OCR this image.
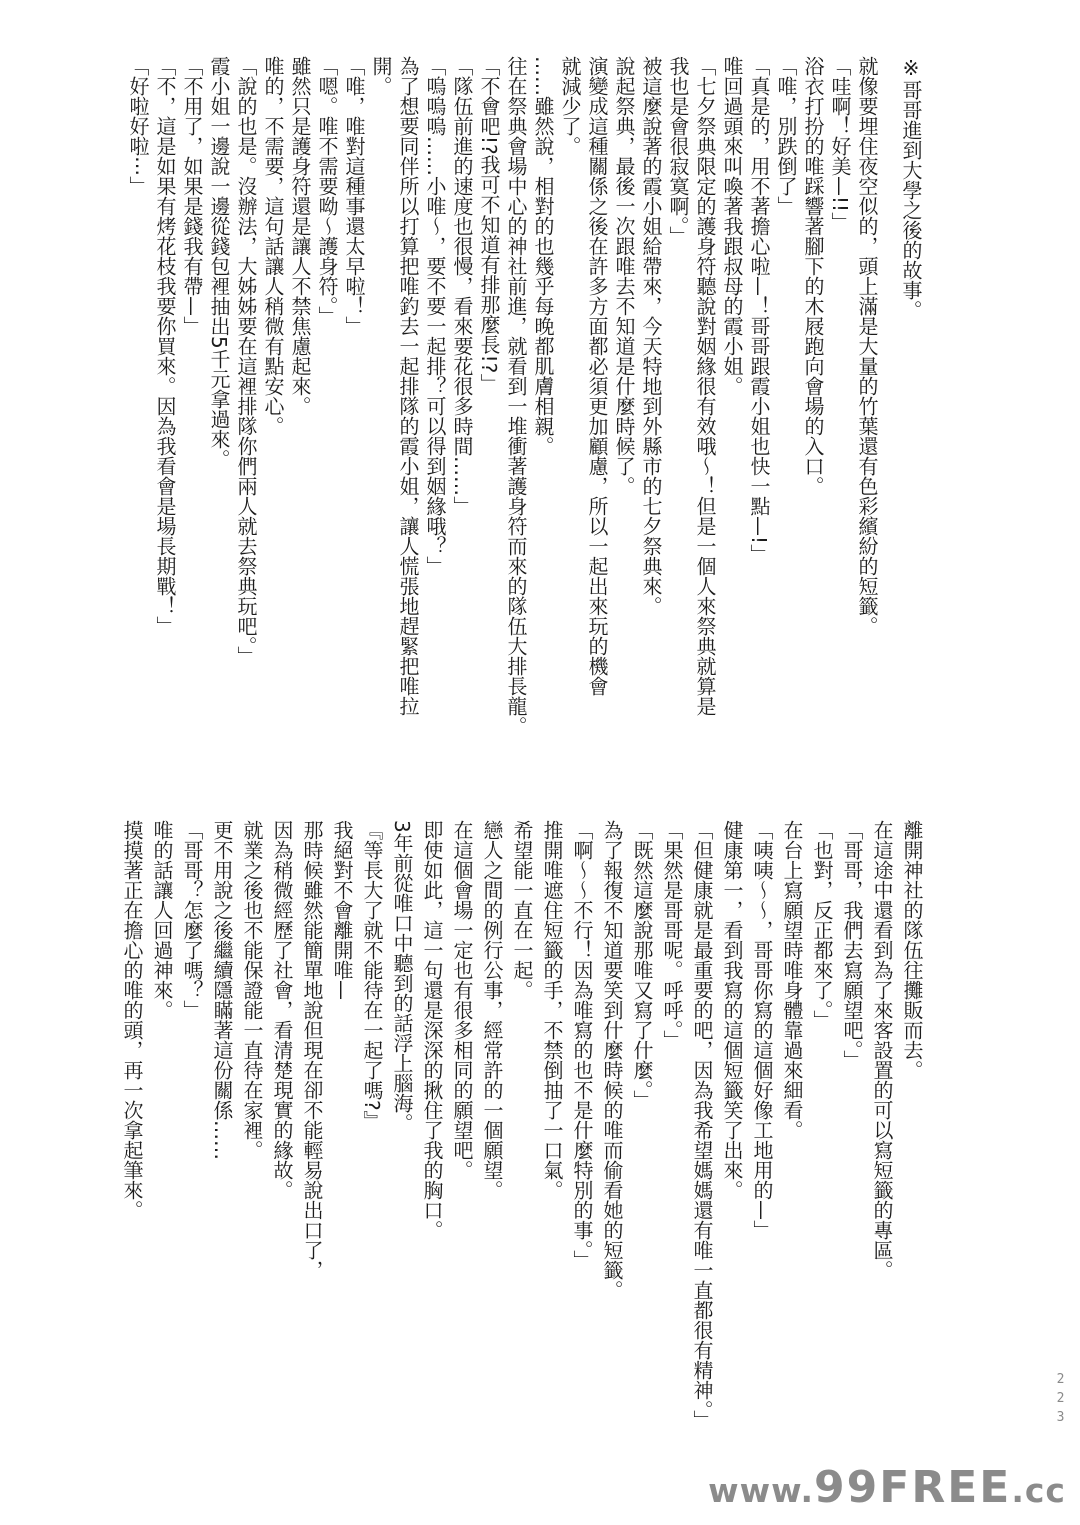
※哥哥進到大學之後的故事。

就像要埋住夜空似的，頭上滿是大量的竹葉還有色彩繽紛的短籤。

「哇啊！好美—!!」

浴衣打扮的唯踩響著腳下的木屐跑向會場的入口。

「唯，別跌倒了」

「真是的，用不著擔心啦—！哥哥跟霞小姐也快一點—!」

唯回過頭來叫喚著我跟叔母的霞小姐。

「七夕祭典限定的護身符聽說對姻緣很有效哦～！但是一個人來祭典就算是

我也是會很寂寞啊。」

被這麼說著的霞小姐給帶來，今天特地到外縣市的七夕祭典來。

說起祭典，最後一次跟唯去不知道是什麼時候了。

演變成這種關係之後在許多方面都必須更加顧慮，所以一起出來玩的機會

就減少了。

……雖然說，相對的也幾乎每晚都肌膚相親。

往在祭典會場中心的神社前進，就看到一堆衝著護身符而來的隊伍大排長龍。

「不會吧!?我可不知道有排那麼長!?」

「隊伍前進的速度也很慢，看來要花很多時間……」

「嗚嗚嗚……小唯～，要不要一起排？可以得到姻緣哦？」

為了想要同伴所以打算把唯釣去一起排隊的霞小姐，讓人慌張地趕緊把唯拉

開。

「唯，唯對這種事還太早啦！」

「嗯。唯不需要呦～護身符。」

雖然只是護身符還是讓人不禁焦慮起來。

唯的，不需要，這句話讓人稍微有點安心。

「說的也是。沒辦法，大姊姊要在這裡排隊你們兩人就去祭典玩吧。」

霞小姐一邊說一邊從錢包裡抽出5千元拿過來。

「不用了，如果是錢我有帶—」

「不，這是如果有烤花枝我要你買來。因為我看會是場長期戰！」

「好啦好啦⋯」

離開神社的隊伍往攤販而去。

在這途中還看到為了來客設置的可以寫短籤的專區。

「哥哥，我們去寫願望吧。」

「也對，反正都來了。」

在台上寫願望時唯身體靠過來細看。

「咦咦～～，哥哥你寫的這個好像工地用的—」

健康第一，看到我寫的這個短籤笑了出來。

「但健康就是最重要的吧，因為我希望媽媽還有唯一直都很有精神。」

「果然是哥哥呢。呼呼。」

「既然這麼說那唯又寫了什麼。」

為了報復不知道要笑到什麼時候的唯而偷看她的短籤。

「啊～～不行！因為唯寫的也不是什麼特別的事。」

推開唯遮住短籤的手，不禁倒抽了一口氣。

希望能一直在一起。

戀人之間的例行公事，經常許的一個願望。

在這個會場一定也有很多相同的願望吧。

即使如此，這一句還是深深的揪住了我的胸口。

3年前從唯口中聽到的話浮上腦海。

『等長大了就不能待在一起了嗎?』

我絕對不會離開唯—

那時候雖然能簡單地說但現在卻不能輕易說出口了，

因為稍微經歷了社會，看清楚現實的緣故。

就業之後也不能保證能一直待在家裡。

更不用說之後繼續隱瞞著這份關係……

「哥哥？怎麼了嗎？」

唯的話讓人回過神來。

摸摸著正在擔心的唯的頭，再一次拿起筆來。

223
www. 99FREE .cc
